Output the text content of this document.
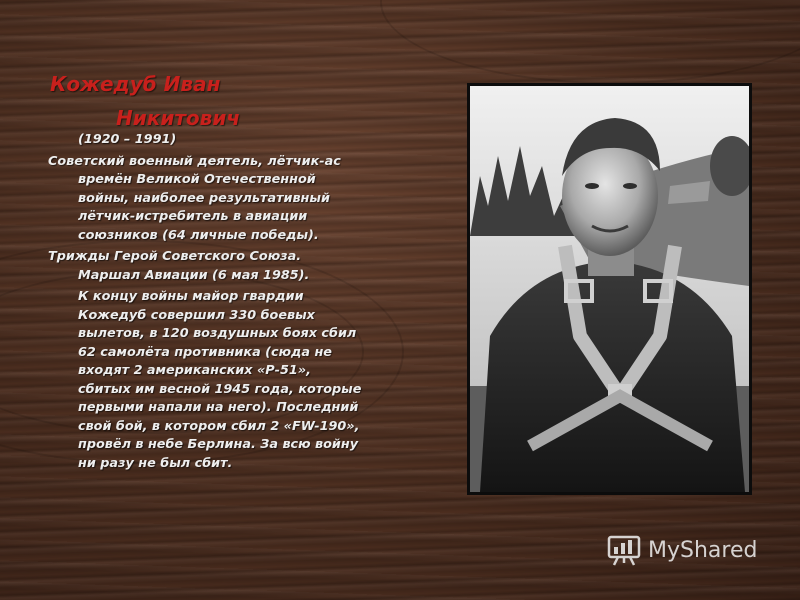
Кожедуб Иван
Никитович

(1920 – 1991)

Советский военный деятель, лётчик-ас времён Великой Отечественной войны, наиболее результативный лётчик-истребитель в авиации союзников (64 личные победы).

Трижды Герой Советского Союза. Маршал Авиации (6 мая 1985).

К концу войны майор гвардии Кожедуб совершил 330 боевых вылетов, в 120 воздушных боях сбил 62 самолёта противника (сюда не входят 2 американских «Р-51», сбитых им весной 1945 года, которые первыми напали на него). Последний свой бой, в котором сбил 2 «FW-190», провёл в небе Берлина. За всю войну ни разу не был сбит.

MyShared
